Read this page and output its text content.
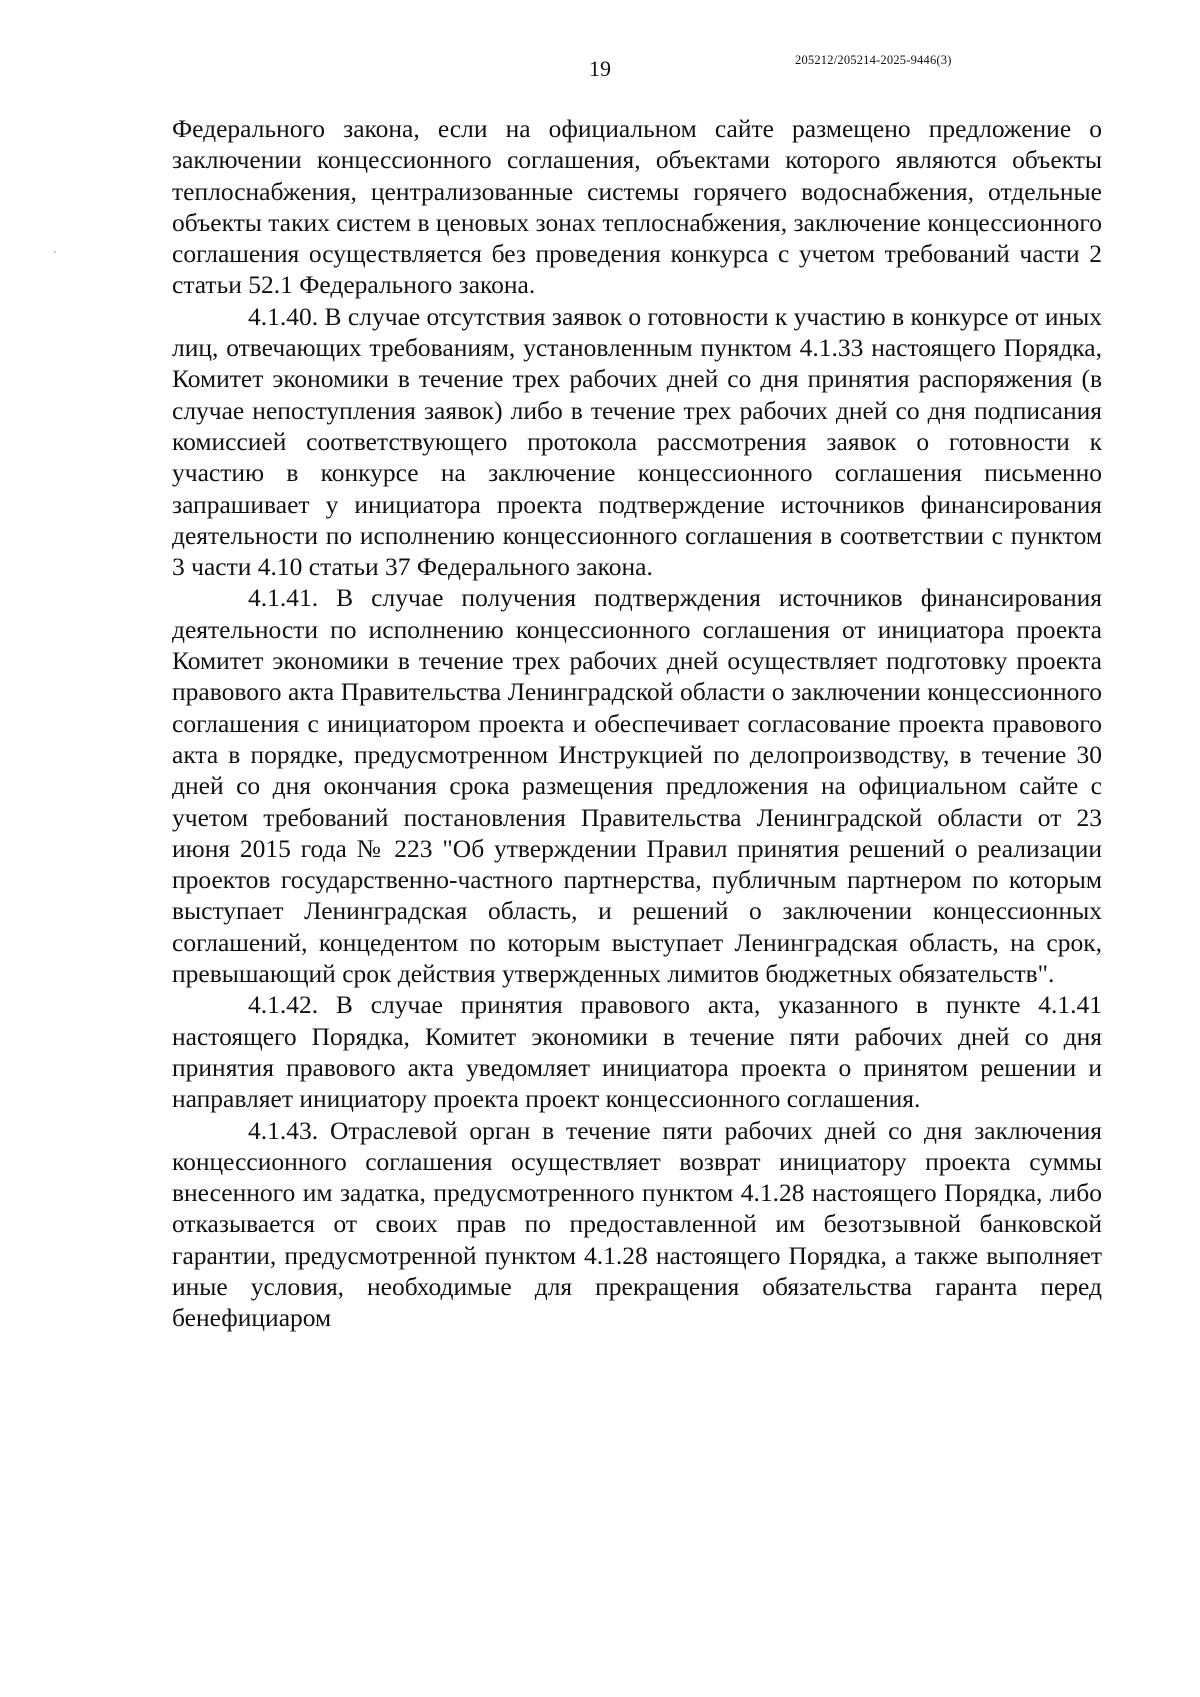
19	205212/205214-2025-9446(3)

Федерального закона, если на официальном сайте размещено предложение о заключении концессионного соглашения, объектами которого являются объекты теплоснабжения, централизованные системы горячего водоснабжения, отдельные объекты таких систем в ценовых зонах теплоснабжения, заключение концессионного соглашения осуществляется без проведения конкурса с учетом требований части 2 статьи 52.1 Федерального закона.

4.1.40. В случае отсутствия заявок о готовности к участию в конкурсе от иных лиц, отвечающих требованиям, установленным пунктом 4.1.33 настоящего Порядка, Комитет экономики в течение трех рабочих дней со дня принятия распоряжения (в случае непоступления заявок) либо в течение трех рабочих дней со дня подписания комиссией соответствующего протокола рассмотрения заявок о готовности к участию в конкурсе на заключение концессионного соглашения письменно запрашивает у инициатора проекта подтверждение источников финансирования деятельности по исполнению концессионного соглашения в соответствии с пунктом 3 части 4.10 статьи 37 Федерального закона.

4.1.41. В случае получения подтверждения источников финансирования деятельности по исполнению концессионного соглашения от инициатора проекта Комитет экономики в течение трех рабочих дней осуществляет подготовку проекта правового акта Правительства Ленинградской области о заключении концессионного соглашения с инициатором проекта и обеспечивает согласование проекта правового акта в порядке, предусмотренном Инструкцией по делопроизводству, в течение 30 дней со дня окончания срока размещения предложения на официальном сайте с учетом требований постановления Правительства Ленинградской области от 23 июня 2015 года № 223 "Об утверждении Правил принятия решений о реализации проектов государственно-частного партнерства, публичным партнером по которым выступает Ленинградская область, и решений о заключении концессионных соглашений, концедентом по которым выступает Ленинградская область, на срок, превышающий срок действия утвержденных лимитов бюджетных обязательств".

4.1.42. В случае принятия правового акта, указанного в пункте 4.1.41 настоящего Порядка, Комитет экономики в течение пяти рабочих дней со дня принятия правового акта уведомляет инициатора проекта о принятом решении и направляет инициатору проекта проект концессионного соглашения.

4.1.43. Отраслевой орган в течение пяти рабочих дней со дня заключения концессионного соглашения осуществляет возврат инициатору проекта суммы внесенного им задатка, предусмотренного пунктом 4.1.28 настоящего Порядка, либо отказывается от своих прав по предоставленной им безотзывной банковской гарантии, предусмотренной пунктом 4.1.28 настоящего Порядка, а также выполняет иные условия, необходимые для прекращения обязательства гаранта перед бенефициаром
